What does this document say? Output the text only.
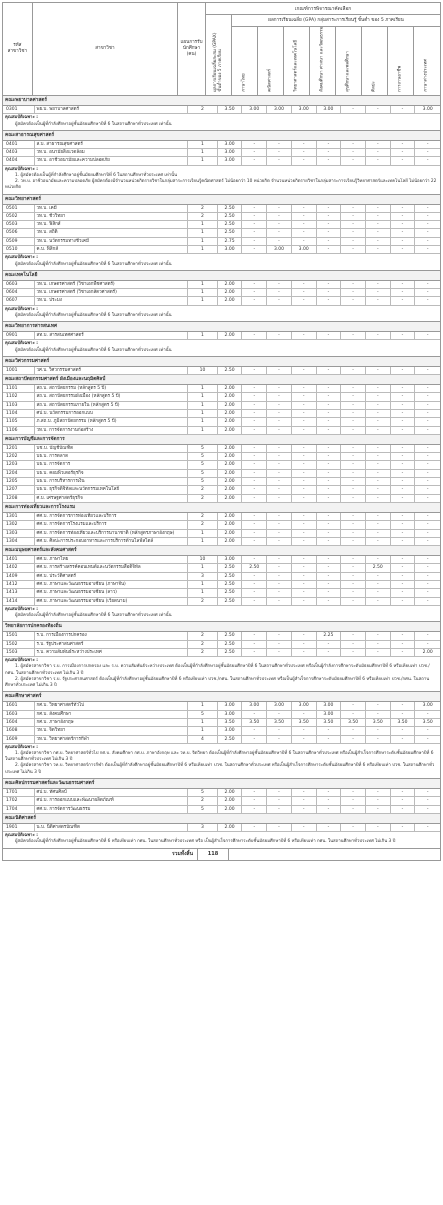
รหัส
สาขาวิชา
สาขาวิชา
แผนการรับ
นักศึกษา
(คน)
เกณฑ์การพิจารณาคัดเลือก
ผลการเรียนเฉลี่ยสะสม (GPAX)
ขั้นต่ำของ 5 ภาคเรียน
ผลการเรียนเฉลี่ย (GPA) กลุ่มสาระการเรียนรู้ ขั้นต่ำ ของ 5 ภาคเรียน
ภาษาไทย	คณิตศาสตร์	วิทยาศาสตร์และเทคโนโลยี	สังคมศึกษา ศาสนา และวัฒนธรรม	สุขศึกษาและพลศึกษา	ศิลปะ	การงานอาชีพ	ภาษาต่างประเทศ
คณะพยาบาลศาสตร์
0301	พย.บ. พยาบาลศาสตร์	2	3.50	3.00	3.00	3.00	3.00	-	-	-	3.00
คุณสมบัติเฉพาะ :

ผู้สมัครต้องเป็นผู้ที่กำลังศึกษาอยู่ชั้นมัธยมศึกษาปีที่ 6 ในสถานศึกษาทั่วประเทศ เท่านั้น

คณะสาธารณสุขศาสตร์
0401	ส.บ. สาธารณสุขศาสตร์	1	3.00	-	-	-	-	-	-	-	-
0403	วท.บ. อนามัยสิ่งแวดล้อม	1	3.00	-	-	-	-	-	-	-	-
0404	วท.บ. อาชีวอนามัยและความปลอดภัย	1	3.00	-	-	-	-	-	-	-	-
คุณสมบัติเฉพาะ :

1. ผู้สมัครต้องเป็นผู้ที่กำลังศึกษาอยู่ชั้นมัธยมศึกษาปีที่ 6 ในสถานศึกษาทั่วประเทศ เท่านั้น

2. วท.บ. อาชีวอนามัยและความปลอดภัย ผู้สมัครต้องมีจำนวนหน่วยกิตรายวิชาในกลุ่มสาระการเรียนรู้คณิตศาสตร์ ไม่น้อยกว่า 10 หน่วยกิต จำนวนหน่วยกิตรายวิชาในกลุ่มสาระการเรียนรู้วิทยาศาสตร์และเทคโนโลยี ไม่น้อยกว่า 22 หน่วยกิต

คณะวิทยาศาสตร์
0501	วท.บ. เคมี	2	2.50	-	-	-	-	-	-	-	-
0502	วท.บ. ชีววิทยา	2	2.50	-	-	-	-	-	-	-	-
0503	วท.บ. ฟิสิกส์	1	2.50	-	-	-	-	-	-	-	-
0506	วท.บ. สถิติ	1	2.50	-	-	-	-	-	-	-	-
0509	วท.บ. นวัตกรรมทางชีวเคมี	1	2.75	-	-	-	-	-	-	-	-
0510	ค.บ. ฟิสิกส์	1	3.00	-	3.00	3.00	-	-	-	-	-
คุณสมบัติเฉพาะ :

ผู้สมัครต้องเป็นผู้ที่กำลังศึกษาอยู่ชั้นมัธยมศึกษาปีที่ 6 ในสถานศึกษาทั่วประเทศ เท่านั้น

คณะเทคโนโลยี
0603	วท.บ. เกษตรศาสตร์ (วิชาเอกพืชศาสตร์)	1	2.00	-	-	-	-	-	-	-	-
0604	วท.บ. เกษตรศาสตร์ (วิชาเอกสัตวศาสตร์)	1	2.00	-	-	-	-	-	-	-	-
0607	วท.บ. ประมง	1	2.00	-	-	-	-	-	-	-	-
คุณสมบัติเฉพาะ :

ผู้สมัครต้องเป็นผู้ที่กำลังศึกษาอยู่ชั้นมัธยมศึกษาปีที่ 6 ในสถานศึกษาทั่วประเทศ เท่านั้น

คณะวิทยาการสารสนเทศ
0901	สท.บ. สารสนเทศศาสตร์	1	2.00	-	-	-	-	-	-	-	-
คุณสมบัติเฉพาะ :

ผู้สมัครต้องเป็นผู้ที่กำลังศึกษาอยู่ชั้นมัธยมศึกษาปีที่ 6 ในสถานศึกษาทั่วประเทศ เท่านั้น

คณะวิศวกรรมศาสตร์
1001	วศ.บ. วิศวกรรมศาสตร์	10	2.50	-	-	-	-	-	-	-	-
คณะสถาปัตยกรรมศาสตร์ ผังเมืองและนฤมิตศิลป์
1101	สถ.บ. สถาปัตยกรรม (หลักสูตร 5 ปี)	1	2.00	-	-	-	-	-	-	-	-
1102	สถ.บ. สถาปัตยกรรมผังเมือง (หลักสูตร 5 ปี)	1	2.00	-	-	-	-	-	-	-	-
1103	สถ.บ. สถาปัตยกรรมภายใน (หลักสูตร 5 ปี)	1	2.00	-	-	-	-	-	-	-	-
1104	ศป.บ. นวัตกรรมการออกแบบ	1	2.00	-	-	-	-	-	-	-	-
1105	ภ.สถ.บ. ภูมิสถาปัตยกรรม (หลักสูตร 5 ปี)	1	2.00	-	-	-	-	-	-	-	-
1106	วท.บ. การจัดการงานก่อสร้าง	1	2.00	-	-	-	-	-	-	-	-
คณะการบัญชีและการจัดการ
1201	บช.บ. บัญชีบัณฑิต	5	2.00	-	-	-	-	-	-	-	-
1202	บธ.บ. การตลาด	5	2.00	-	-	-	-	-	-	-	-
1203	บธ.บ. การจัดการ	5	2.00	-	-	-	-	-	-	-	-
1204	บธ.บ. คอมพิวเตอร์ธุรกิจ	5	2.00	-	-	-	-	-	-	-	-
1205	บธ.บ. การบริหารการเงิน	5	2.00	-	-	-	-	-	-	-	-
1207	บธ.บ. ธุรกิจดิจิทัลและนวัตกรรมเทคโนโลยี	2	2.00	-	-	-	-	-	-	-	-
1208	ศ.บ. เศรษฐศาสตร์ธุรกิจ	2	2.00	-	-	-	-	-	-	-	-
คณะการท่องเที่ยวและการโรงแรม
1301	ศศ.บ. การจัดการการท่องเที่ยวและบริการ	2	2.00	-	-	-	-	-	-	-	-
1302	ศศ.บ. การจัดการโรงแรมและบริการ	2	2.00	-	-	-	-	-	-	-	-
1303	ศศ.บ. การจัดการท่องเที่ยวและบริการนานาชาติ (หลักสูตรภาษาอังกฤษ)	1	2.00	-	-	-	-	-	-	-	-
1304	ศศ.บ. ศิลปะการประกอบอาหารและการบริการด้านไลฟ์สไตล์	1	2.00	-	-	-	-	-	-	-	-
คณะมนุษยศาสตร์และสังคมศาสตร์
1401	ศศ.บ. ภาษาไทย	10	3.00	-	-	-	-	-	-	-	-
1402	ศศ.บ. การสร้างสรรค์คอนเทนต์และนวัตกรรมสื่อดิจิทัล	1	2.50	2.50	-	-	-	-	2.50	-	-
1409	ศศ.บ. ประวัติศาสตร์	3	2.50	-	-	-	-	-	-	-	-
1412	ศศ.บ. ภาษาและวัฒนธรรมอาเซียน (ภาษาจีน)	1	2.50	-	-	-	-	-	-	-	-
1413	ศศ.บ. ภาษาและวัฒนธรรมอาเซียน (ลาว)	1	2.50	-	-	-	-	-	-	-	-
1414	ศศ.บ. ภาษาและวัฒนธรรมอาเซียน (เวียดนาม)	2	2.50	-	-	-	-	-	-	-	-
คุณสมบัติเฉพาะ :

ผู้สมัครต้องเป็นผู้ที่กำลังศึกษาอยู่ชั้นมัธยมศึกษาปีที่ 6 ในสถานศึกษาทั่วประเทศ เท่านั้น

วิทยาลัยการปกครองท้องถิ่น
1501	ร.บ. การเมืองการปกครอง	2	2.50	-	-	-	2.25	-	-	-	-
1502	ร.บ. รัฐประศาสนศาสตร์	2	2.50	-	-	-	-	-	-	-	-
1503	ร.บ. ความสัมพันธ์ระหว่างประเทศ	2	2.50	-	-	-	-	-	-	-	2.00
คุณสมบัติเฉพาะ :

1. ผู้สมัครสาขาวิชา ร.บ. การเมืองการปกครอง และ ร.บ. ความสัมพันธ์ระหว่างประเทศ ต้องเป็นผู้ที่กำลังศึกษาอยู่ชั้นมัธยมศึกษาปีที่ 6 ในสถานศึกษาทั่วประเทศ หรือเป็นผู้กำลังการศึกษาระดับมัธยมศึกษาปีที่ 6 หรือเทียบเท่า ปวช./กศน. ในสถานศึกษาทั่วประเทศ ไม่เกิน 3 ปี

2. ผู้สมัครสาขาวิชา ร.บ. รัฐประศาสนศาสตร์ ต้องเป็นผู้ที่กำลังศึกษาอยู่ชั้นมัธยมศึกษาปีที่ 6 หรือเทียบเท่า ปวช./กศน. ในสถานศึกษาทั่วประเทศ หรือเป็นผู้สำเร็จการศึกษาระดับมัธยมศึกษาปีที่ 6 หรือเทียบเท่า ปวช./กศน. ในสถานศึกษาทั่วประเทศ ไม่เกิน 3 ปี

คณะศึกษาศาสตร์
1601	กศ.บ. วิทยาศาสตร์ทั่วไป	1	3.00	3.00	3.00	3.00	3.00	-	-	-	3.00
1603	กศ.บ. สังคมศึกษา	5	3.00	-	-	-	3.00	-	-	-	-
1604	กศ.บ. ภาษาอังกฤษ	1	3.50	3.50	3.50	3.50	3.50	3.50	3.50	3.50	3.50
1608	วท.บ. จิตวิทยา	1	3.00	-	-	-	-	-	-	-	-
1609	วท.บ. วิทยาศาสตร์การกีฬา	4	2.50	-	-	-	-	-	-	-	-
คุณสมบัติเฉพาะ :

1. ผู้สมัครสาขาวิชา กศ.บ. วิทยาศาสตร์ทั่วไป กศ.บ. สังคมศึกษา กศ.บ. ภาษาอังกฤษ และ วท.บ. จิตวิทยา ต้องเป็นผู้ที่กำลังศึกษาอยู่ชั้นมัธยมศึกษาปีที่ 6 ในสถานศึกษาทั่วประเทศ หรือเป็นผู้สำเร็จการศึกษาระดับชั้นมัธยมศึกษาปีที่ 6 ในสถานศึกษาทั่วประเทศ ไม่เกิน 3 ปี

2. ผู้สมัครสาขาวิชา วท.บ. วิทยาศาสตร์การกีฬา ต้องเป็นผู้ที่กำลังศึกษาอยู่ชั้นมัธยมศึกษาปีที่ 6 หรือเทียบเท่า ปวช. ในสถานศึกษาทั่วประเทศ หรือเป็นผู้สำเร็จการศึกษาระดับชั้นมัธยมศึกษาปีที่ 6 หรือเทียบเท่า ปวช. ในสถานศึกษาทั่วประเทศ ไม่เกิน 3 ปี

คณะศิลปกรรมศาสตร์และวัฒนธรรมศาสตร์
1701	ศป.บ. ทัศนศิลป์	5	2.00	-	-	-	-	-	-	-	-
1702	ศป.บ. การออกแบบและพัฒนาผลิตภัณฑ์	2	2.00	-	-	-	-	-	-	-	-
1704	ศศ.บ. การจัดการวัฒนธรรม	5	2.00	-	-	-	-	-	-	-	-
คณะนิติศาสตร์
1901	น.บ. นิติศาสตรบัณฑิต	3	2.00	-	-	-	-	-	-	-	-
คุณสมบัติเฉพาะ :

ผู้สมัครต้องเป็นผู้ที่กำลังศึกษาอยู่ชั้นมัธยมศึกษาปีที่ 6 หรือเทียบเท่า กศน. ในสถานศึกษาทั่วประเทศ หรือ เป็นผู้สำเร็จการศึกษาระดับชั้นมัธยมศึกษาปีที่ 6 หรือเทียบเท่า กศน. ในสถานศึกษาทั่วประเทศ ไม่เกิน 3 ปี

รวมทั้งสิ้น	118
